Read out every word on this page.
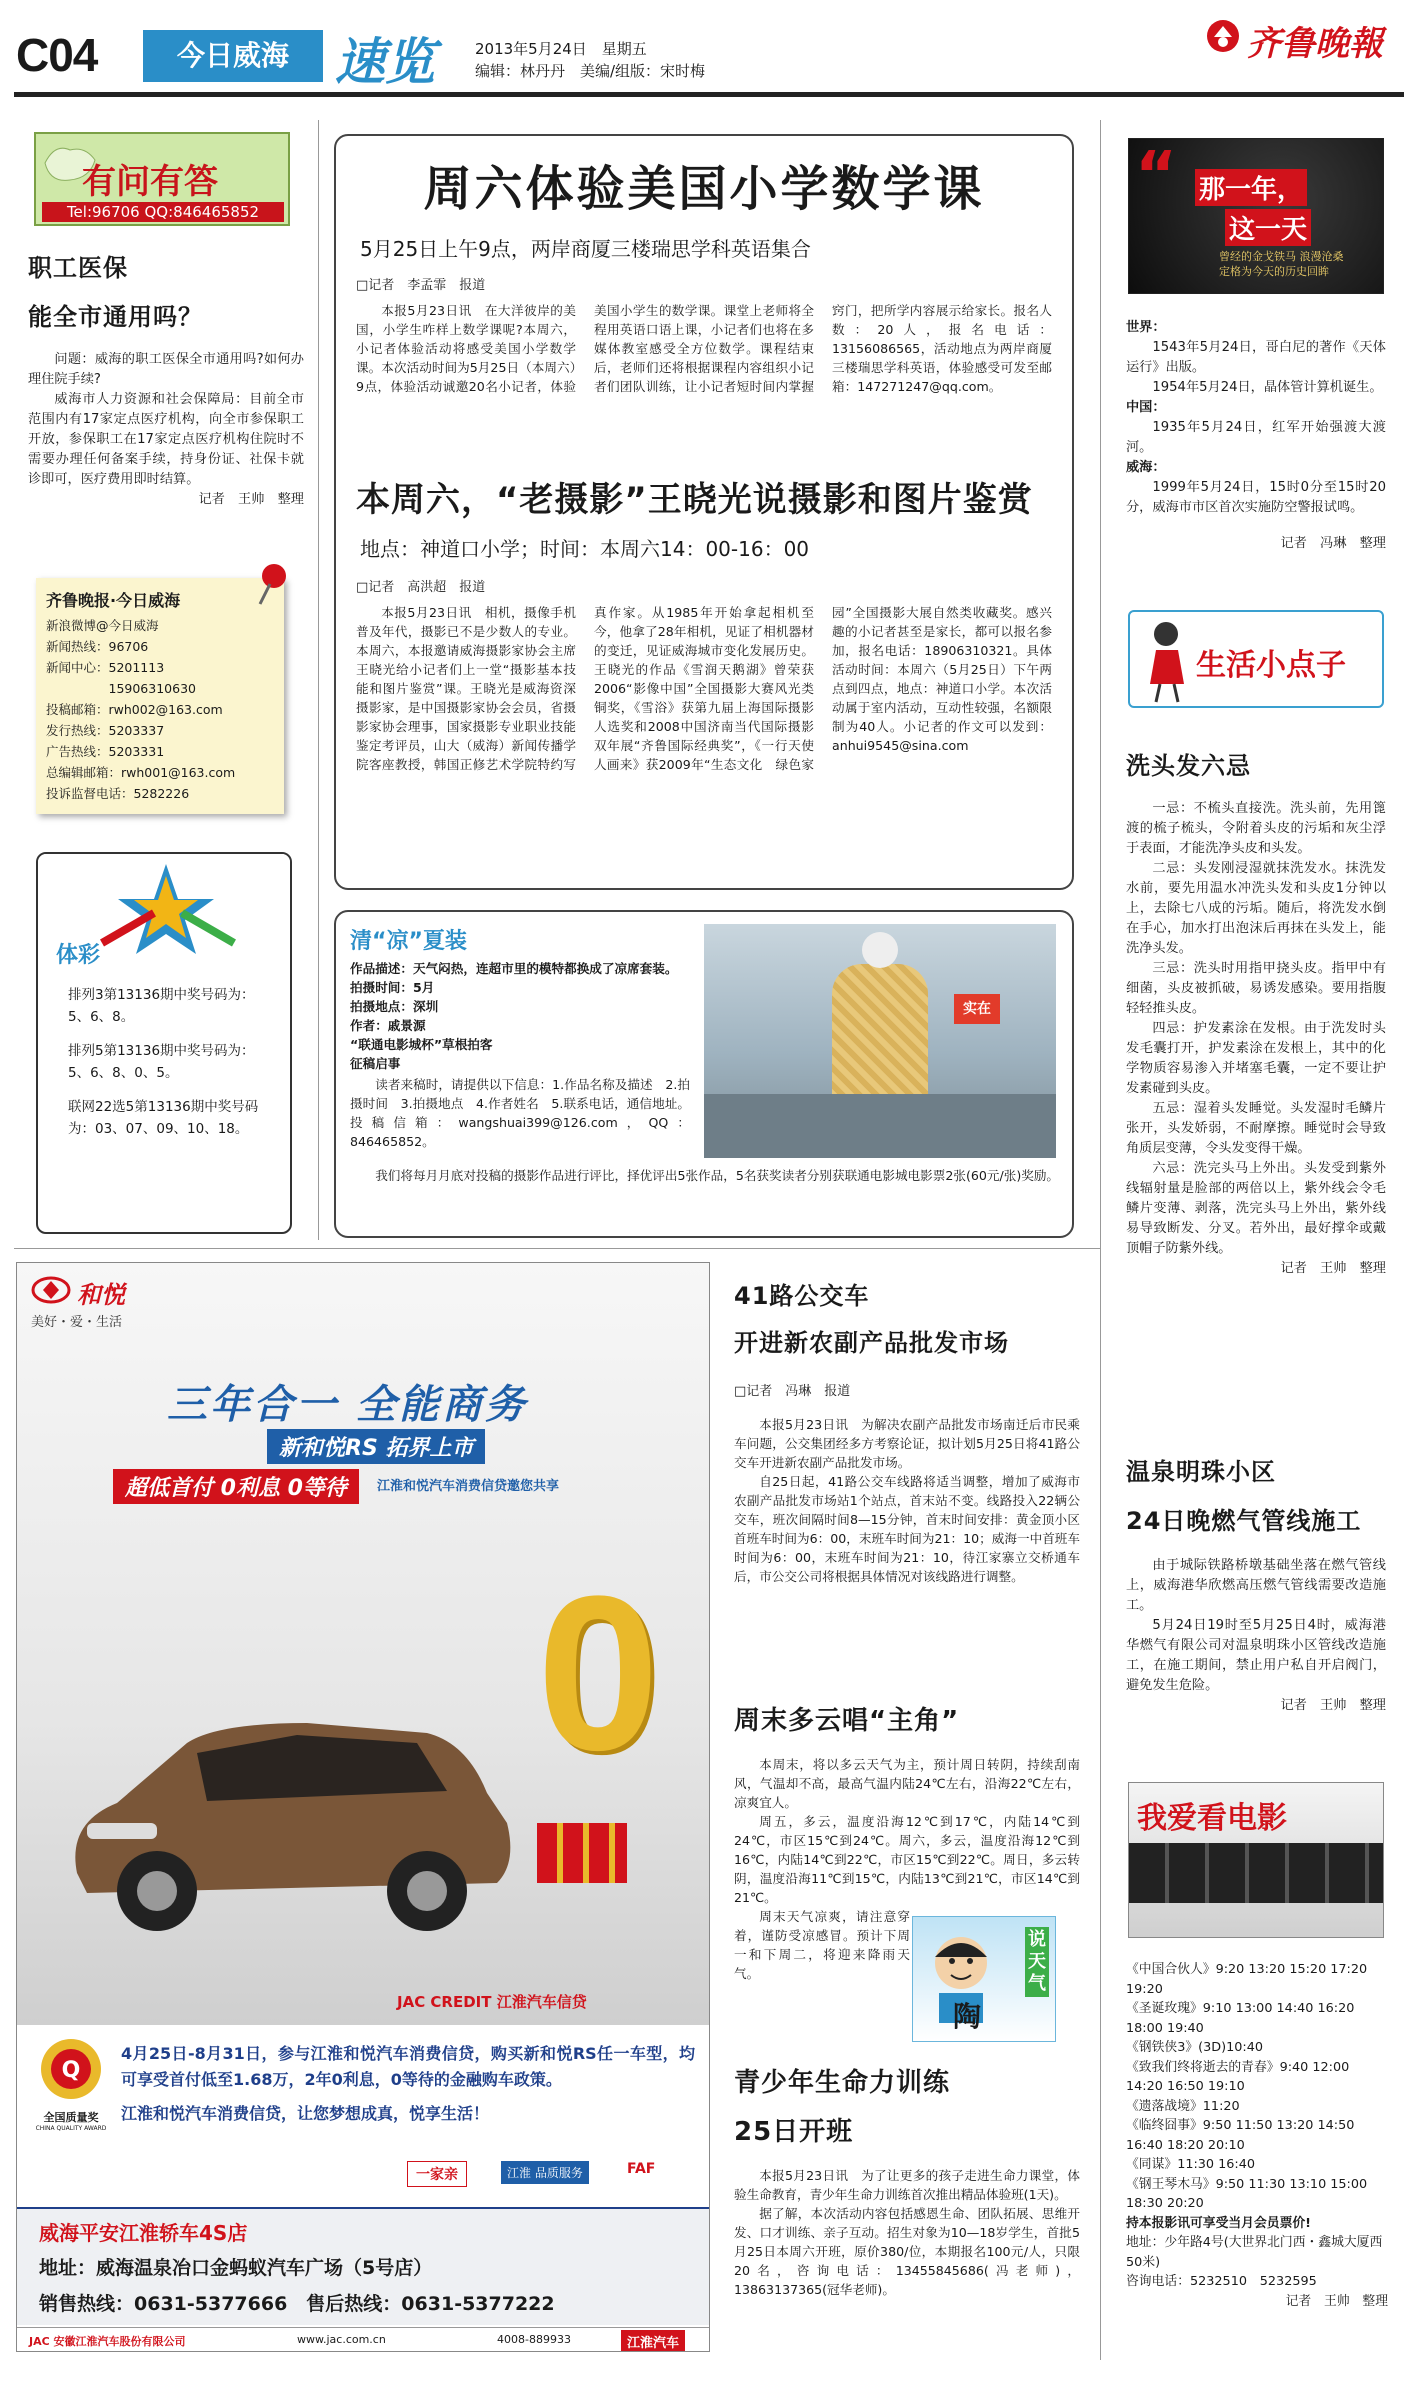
C04	今日威海 速览	2013年5月24日　星期五
编辑：林丹丹　美编/组版：宋时梅
齐鲁晚報
有问有答
Tel:96706 QQ:846465852
职工医保
能全市通用吗？

问题：威海的职工医保全市通用吗?如何办理住院手续?

威海市人力资源和社会保障局：目前全市范围内有17家定点医疗机构，向全市参保职工开放，参保职工在17家定点医疗机构住院时不需要办理任何备案手续，持身份证、社保卡就诊即可，医疗费用即时结算。

记者　王帅　整理
齐鲁晚报·今日威海
新浪微博@今日威海
新闻热线：96706
新闻中心：5201113
　　　　　15906310630
投稿邮箱：rwh002@163.com
发行热线：5203337
广告热线：5203331
总编辑邮箱：rwh001@163.com
投诉监督电话：5282226
体彩
排列3第13136期中奖号码为：5、6、8。
排列5第13136期中奖号码为：5、6、8、0、5。
联网22选5第13136期中奖号码为：03、07、09、10、18。
周六体验美国小学数学课
5月25日上午9点，两岸商厦三楼瑞思学科英语集合
□记者　李孟霏　报道
本报5月23日讯　在大洋彼岸的美国，小学生咋样上数学课呢?本周六，小记者体验活动将感受美国小学数学课。本次活动时间为5月25日（本周六）9点，体验活动诚邀20名小记者，体验美国小学生的数学课。课堂上老师将全程用英语口语上课，小记者们也将在多媒体教室感受全方位数学。课程结束后，老师们还将根据课程内容组织小记者们团队训练，让小记者短时间内掌握窍门，把所学内容展示给家长。报名人数：20人，报名电话：13156086565，活动地点为两岸商厦三楼瑞思学科英语，体验感受可发至邮箱：147271247@qq.com。
本周六，“老摄影”王晓光说摄影和图片鉴赏
地点：神道口小学；时间：本周六14：00-16：00
□记者　高洪超　报道
本报5月23日讯　相机，摄像手机普及年代，摄影已不是少数人的专业。本周六，本报邀请威海摄影家协会主席王晓光给小记者们上一堂“摄影基本技能和图片鉴赏”课。王晓光是威海资深摄影家，是中国摄影家协会会员，省摄影家协会理事，国家摄影专业职业技能鉴定考评员，山大（威海）新闻传播学院客座教授，韩国正修艺术学院特约写真作家。从1985年开始拿起相机至今，他拿了28年相机，见证了相机器材的变迁，见证威海城市变化发展历史。王晓光的作品《雪润天鹅湖》曾荣获2006“影像中国”全国摄影大赛风光类铜奖，《雪浴》获第九届上海国际摄影人选奖和2008中国济南当代国际摄影双年展“齐鲁国际经典奖”，《一行天使人画来》获2009年“生态文化　绿色家园”全国摄影大展自然类收藏奖。感兴趣的小记者甚至是家长，都可以报名参加，报名电话：18906310321。具体活动时间：本周六（5月25日）下午两点到四点，地点：神道口小学。本次活动属于室内活动，互动性较强，名额限制为40人。小记者的作文可以发到：anhui9545@sina.com
清“凉”夏装
作品描述：天气闷热，连超市里的模特都换成了凉席套装。
拍摄时间：5月
拍摄地点：深圳
作者：戚景源
“联通电影城杯”草根拍客
征稿启事

读者来稿时，请提供以下信息：1.作品名称及描述　2.拍摄时间　3.拍摄地点　4.作者姓名　5.联系电话，通信地址。投稿信箱：wangshuai399@126.com，QQ：846465852。

实在

我们将每月月底对投稿的摄影作品进行评比，择优评出5张作品，5名获奖读者分别获联通电影城电影票2张(60元/张)奖励。

“ 那一年，
这一天
曾经的金戈铁马 浪漫沧桑
定格为今天的历史回眸
世界：

1543年5月24日，哥白尼的著作《天体运行》出版。

1954年5月24日，晶体管计算机诞生。

中国：

1935年5月24日，红军开始强渡大渡河。

威海：

1999年5月24日，15时0分至15时20分，威海市市区首次实施防空警报试鸣。

记者　冯琳　整理
生活小点子
洗头发六忌

一忌：不梳头直接洗。洗头前，先用篦渡的梳子梳头，令附着头皮的污垢和灰尘浮于表面，才能洗净头皮和头发。

二忌：头发刚浸湿就抹洗发水。抹洗发水前，要先用温水冲洗头发和头皮1分钟以上，去除七八成的污垢。随后，将洗发水倒在手心，加水打出泡沫后再抹在头发上，能洗净头发。

三忌：洗头时用指甲挠头皮。指甲中有细菌，头皮被抓破，易诱发感染。要用指腹轻轻推头皮。

四忌：护发素涂在发根。由于洗发时头发毛囊打开，护发素涂在发根上，其中的化学物质容易渗入并堵塞毛囊，一定不要让护发素碰到头皮。

五忌：湿着头发睡觉。头发湿时毛鳞片张开，头发娇弱，不耐摩擦。睡觉时会导致角质层变薄，令头发变得干燥。

六忌：洗完头马上外出。头发受到紫外线辐射量是脸部的两倍以上，紫外线会令毛鳞片变薄、剥落，洗完头马上外出，紫外线易导致断发、分叉。若外出，最好撑伞或戴顶帽子防紫外线。

记者　王帅　整理
温泉明珠小区
24日晚燃气管线施工

由于城际铁路桥墩基础坐落在燃气管线上，威海港华欣燃高压燃气管线需要改造施工。

5月24日19时至5月25日4时，威海港华燃气有限公司对温泉明珠小区管线改造施工，在施工期间，禁止用户私自开启阀门，避免发生危险。

记者　王帅　整理
我爱看电影
《中国合伙人》9:20 13:20 15:20 17:20 19:20
《圣诞玫瑰》9:10 13:00 14:40 16:20 18:00 19:40
《钢铁侠3》(3D)10:40
《致我们终将逝去的青春》9:40 12:00 14:20 16:50 19:10
《遗落战境》11:20
《临终囧事》9:50 11:50 13:20 14:50 16:40 18:20 20:10
《同谋》11:30 16:40
《钢王琴木马》9:50 11:30 13:10 15:00 18:30 20:20
持本报影讯可享受当月会员票价!
地址：少年路4号(大世界北门西・鑫城大厦西50米)
咨询电话：5232510　5232595
记者　王帅　整理
和悦
美好・爱・生活
三年合一 全能商务
新和悦RS 拓界上市
超低首付 0利息 0等待	江淮和悦汽车消费信贷邀您共享
0
JAC CREDIT 江淮汽车信贷
Q
全国质量奖
CHINA QUALITY AWARD

4月25日-8月31日，参与江淮和悦汽车消费信贷，购买新和悦RS任一车型，均可享受首付低至1.68万，2年0利息，0等待的金融购车政策。

江淮和悦汽车消费信贷，让您梦想成真，悦享生活！
一家亲	江淮 品质服务	FAF
威海平安江淮轿车4S店
地址：威海温泉冶口金蚂蚁汽车广场（5号店）
销售热线：0631-5377666　售后热线：0631-5377222
JAC 安徽江淮汽车股份有限公司	www.jac.com.cn	4008-889933	江淮汽车
41路公交车
开进新农副产品批发市场
□记者　冯琳　报道

本报5月23日讯　为解决农副产品批发市场南迁后市民乘车问题，公交集团经多方考察论证，拟计划5月25日将41路公交车开进新农副产品批发市场。

自25日起，41路公交车线路将适当调整，增加了威海市农副产品批发市场站1个站点，首末站不变。线路投入22辆公交车，班次间隔时间8—15分钟，首末时间安排：黄金顶小区首班车时间为6：00，末班车时间为21：10；威海一中首班车时间为6：00，末班车时间为21：10，待江家寨立交桥通车后，市公交公司将根据具体情况对该线路进行调整。

周末多云唱“主角”

本周末，将以多云天气为主，预计周日转阴，持续刮南风，气温却不高，最高气温内陆24℃左右，沿海22℃左右，凉爽宜人。

周五，多云，温度沿海12℃到17℃，内陆14℃到24℃，市区15℃到24℃。周六，多云，温度沿海12℃到16℃，内陆14℃到22℃，市区15℃到22℃。周日，多云转阴，温度沿海11℃到15℃，内陆13℃到21℃，市区14℃到21℃。

周末天气凉爽，请注意穿着，谨防受凉感冒。预计下周一和下周二，将迎来降雨天气。

陶
说天气
青少年生命力训练
25日开班

本报5月23日讯　为了让更多的孩子走进生命力课堂，体验生命教育，青少年生命力训练首次推出精品体验班(1天)。

据了解，本次活动内容包括感恩生命、团队拓展、思维开发、口才训练、亲子互动。招生对象为10—18岁学生，首批5月25日本周六开班，原价380/位，本期报名100元/人，只限20名，咨询电话：13455845686(冯老师)，13863137365(冠华老师)。
